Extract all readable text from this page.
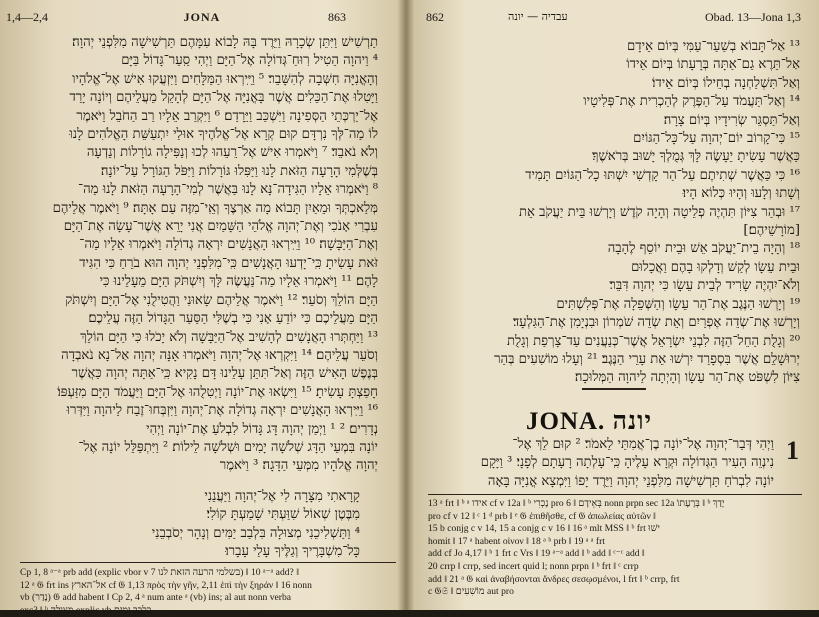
1,4—2,4	JONA	863
תַרְשִׁישׁ וַיִּתֵּן שְׂכָרָהּ וַיֵּרֶד בָּהּ לָבוֹא עִמָּהֶם תַּרְשִׁישָׁה מִלִּפְנֵי יְהוָה׃
⁴ וַיהוָה הֵטִיל רֽוּחַ־גְּדוֹלָה אֶל־הַיָּם וַיְהִי סַֽעַר־גָּדוֹל בַּיָּם
וְהָאֳנִיָּה חִשְּׁבָה לְהִשָּׁבֵר׃ ⁵ וַיִּֽירְאוּ הַמַּלָּחִים וַיִּזְעֲקוּ אִישׁ אֶל־אֱלֹהָיו
וַיָּטִלוּ אֶת־הַכֵּלִים אֲשֶׁר בָּאֳנִיָּה אֶל־הַיָּם לְהָקֵל מֵעֲלֵיהֶם וְיוֹנָה יָרַד
אֶל־יַרְכְּתֵי הַסְּפִינָה וַיִּשְׁכַּב וַיֵּרָדַם׃ ⁶ וַיִּקְרַב אֵלָיו רַב הַחֹבֵל וַיֹּאמֶר
לוֹ מַה־לְּךָ נִרְדָּם קוּם קְרָא אֶל־אֱלֹהֶיךָ אוּלַי יִתְעַשֵּׁת הָאֱלֹהִים לָנוּ
וְלֹא נֹאבֵד׃ ⁷ וַיֹּאמְרוּ אִישׁ אֶל־רֵעֵהוּ לְכוּ וְנַפִּילָה גוֹרָלוֹת וְנֵדְעָה
בְּשֶׁלְּמִי הָרָעָה הַזֹּאת לָנוּ וַיַּפִּלוּ גּוֹרָלוֹת וַיִּפֹּל הַגּוֹרָל עַל־יוֹנָה׃
⁸ וַיֹּאמְרוּ אֵלָיו הַגִּידָה־נָּא לָנוּ בַּאֲשֶׁר לְמִי־הָרָעָה הַזֹּאת לָנוּ מַה־
מְּלַאכְתְּךָ וּמֵאַיִן תָּבוֹא מָה אַרְצֶךָ וְאֵֽי־מִזֶּה עַם אָתָּה׃ ⁹ וַיֹּאמֶר אֲלֵיהֶם
עִבְרִי אָנֹכִי וְאֶת־יְהוָה אֱלֹהֵי הַשָּׁמַיִם אֲנִי יָרֵא אֲשֶׁר־עָשָׂה אֶת־הַיָּם
וְאֶת־הַיַּבָּשָׁה׃ ¹⁰ וַיִּֽירְאוּ הָאֲנָשִׁים יִרְאָה גְדוֹלָה וַיֹּאמְרוּ אֵלָיו מַה־
זֹּאת עָשִׂיתָ כִּֽי־יָדְעוּ הָאֲנָשִׁים כִּֽי־מִלִּפְנֵי יְהוָה הוּא בֹרֵחַ כִּי הִגִּיד
לָהֶם׃ ¹¹ וַיֹּאמְרוּ אֵלָיו מַה־נַּעֲשֶׂה לָּךְ וְיִשְׁתֹּק הַיָּם מֵעָלֵינוּ כִּי
הַיָּם הוֹלֵךְ וְסֹעֵר׃ ¹² וַיֹּאמֶר אֲלֵיהֶם שָׂאוּנִי וַהֲטִילֻנִי אֶל־הַיָּם וְיִשְׁתֹּק
הַיָּם מֵעֲלֵיכֶם כִּי יוֹדֵעַ אָנִי כִּי בְשֶׁלִּי הַסַּעַר הַגָּדוֹל הַזֶּה עֲלֵיכֶם׃
¹³ וַיַּחְתְּרוּ הָאֲנָשִׁים לְהָשִׁיב אֶל־הַיַּבָּשָׁה וְלֹא יָכֹלוּ כִּי הַיָּם הוֹלֵךְ
וְסֹעֵר עֲלֵיהֶם׃ ¹⁴ וַיִּקְרְאוּ אֶל־יְהוָה וַיֹּאמְרוּ אָנָּה יְהוָה אַל־נָא נֹאבְדָה
בְּנֶפֶשׁ הָאִישׁ הַזֶּה וְאַל־תִּתֵּן עָלֵינוּ דָּם נָקִיא כִּֽי־אַתָּה יְהוָה כַּאֲשֶׁר
חָפַצְתָּ עָשִׂיתָ׃ ¹⁵ וַיִּשְׂאוּ אֶת־יוֹנָה וַיְטִלֻהוּ אֶל־הַיָּם וַיַּעֲמֹד הַיָּם מִזַּעְפּוֹ׃
¹⁶ וַיִּֽירְאוּ הָאֲנָשִׁים יִרְאָה גְדוֹלָה אֶת־יְהוָה וַיִּזְבְּחוּ־זֶבַח לַיהוָה וַיִּדְּרוּ
נְדָרִים׃ ² ¹ וַיְמַן יְהוָה דָּג גָּדוֹל לִבְלֹעַ אֶת־יוֹנָה וַיְהִי
יוֹנָה בִּמְעֵי הַדָּג שְׁלֹשָׁה יָמִים וּשְׁלֹשָׁה לֵילוֹת׃ ² וַיִּתְפַּלֵּל יוֹנָה אֶל־
יְהוָה אֱלֹהָיו מִמְּעֵי הַדָּגָה׃ ³ וַיֹּאמֶר
קָרָאתִי מִצָּרָה לִי אֶל־יְהוָה וַיַּעֲנֵנִי
מִבֶּטֶן שְׁאוֹל שִׁוַּעְתִּי שָׁמַעְתָּ קוֹלִי׃
⁴ וַתַּשְׁלִיכֵנִי מְצוּלָה בִּלְבַב יַמִּים וְנָהָר יְסֹבְבֵנִי
כָּל־מִשְׁבָּרֶיךָ וְגַלֶּיךָ עָלַי עָבָרוּ׃
Cp 1, 8 ᵃ⁻ᵃ prb add (explic vbor v 7 בשלמי הרעה הזאת לנו) ‖ 10 ᵃ⁻ᵃ add? ‖
12 ᵃ 𝔊 frt ins אל־הארץ cf 𝔊 1,13 πρὸς τὴν γῆν, 2,11 ἐπὶ τὴν ξηράν ‖ 16 nonn
vb (נָדַר) 𝔊 add habent ‖ Cp 2, 4 ᵃ num ante ᵃ (vb) ins; al aut nonn verba
exc? ‖ ᵇ מצולה explic vb בלבב ימים
862	עבדיה — יונה	Obad. 13—Jona 1,3
¹³ אַל־תָּבוֹא בְשַׁעַר־עַמִּי בְּיוֹם אֵידָם
אַל־תֵּרֶא גַם־אַתָּה בְּרָעָתוֹ בְּיוֹם אֵידוֹ
וְאַל־תִּשְׁלַחְנָה בְחֵילוֹ בְּיוֹם אֵידוֹ׃
¹⁴ וְאַל־תַּעֲמֹד עַל־הַפֶּרֶק לְהַכְרִית אֶת־פְּלִיטָיו
וְאַל־תַּסְגֵּר שְׂרִידָיו בְּיוֹם צָרָה׃
¹⁵ כִּי־קָרוֹב יוֹם־יְהוָה עַל־כָּל־הַגּוֹיִם
כַּאֲשֶׁר עָשִׂיתָ יֵעָשֶׂה לָּךְ גְּמֻלְךָ יָשׁוּב בְּרֹאשֶׁךָ׃
¹⁶ כִּי כַּאֲשֶׁר שְׁתִיתֶם עַל־הַר קָדְשִׁי יִשְׁתּוּ כָל־הַגּוֹיִם תָּמִיד
וְשָׁתוּ וְלָעוּ וְהָיוּ כְּלוֹא הָיוּ׃
¹⁷ וּבְהַר צִיּוֹן תִּהְיֶה פְלֵיטָה וְהָיָה קֹדֶשׁ וְיָרְשׁוּ בֵּית יַעֲקֹב אֵת
[מוֹרָשֵׁיהֶם׃]
¹⁸ וְהָיָה בֵית־יַעֲקֹב אֵשׁ וּבֵית יוֹסֵף לֶהָבָה
וּבֵית עֵשָׂו לְקַשׁ וְדָלְקוּ בָהֶם וַאֲכָלוּם
וְלֹא־יִהְיֶה שָׂרִיד לְבֵית עֵשָׂו כִּי יְהוָה דִּבֵּר׃
¹⁹ וְיָרְשׁוּ הַנֶּגֶב אֶת־הַר עֵשָׂו וְהַשְּׁפֵלָה אֶת־פְּלִשְׁתִּים
וְיָרְשׁוּ אֶת־שְׂדֵה אֶפְרַיִם וְאֵת שְׂדֵה שֹׁמְרוֹן וּבִנְיָמִן אֶת־הַגִּלְעָד׃
²⁰ וְגָלֻת הַחֵל־הַזֶּה לִבְנֵי יִשְׂרָאֵל אֲשֶׁר־כְּנַעֲנִים עַד־צָרְפַת וְגָלֻת
יְרוּשָׁלִַם אֲשֶׁר בִּסְפָרַד יִרְשׁוּ אֵת עָרֵי הַנֶּגֶב׃ ²¹ וְעָלוּ מוֹשִׁעִים בְּהַר
צִיּוֹן לִשְׁפֹּט אֶת־הַר עֵשָׂו וְהָיְתָה לַיהוָה הַמְּלוּכָה׃
JONA. יונה
1
וַיְהִי דְּבַר־יְהוָה אֶל־יוֹנָה בֶן־אֲמִתַּי לֵאמֹר׃ ² קוּם לֵךְ אֶל־
נִינְוֵה הָעִיר הַגְּדוֹלָה וּקְרָא עָלֶיהָ כִּֽי־עָלְתָה רָעָתָם לְפָנָי׃ ³ וַיָּקָם
יוֹנָה לִבְרֹחַ תַּרְשִׁישָׁה מִלִּפְנֵי יְהוָה וַיֵּרֶד יָפוֹ וַיִּמְצָא אֳנִיָּה בָּאָה
13 ᵃ frt ‖ ᵇ ᵃ אידו cf v 12a ‖ ᵇ נָכְרִי pro בְּאֵידָם ‖ 6 nonn prpn sec 12a בְּרָעָתוֹ ‖ ᵇ יָדַךְ
pro cf v 12 ‖ ᶜ 1 ᵈ prb ‖ ᵉ 𝔊 ἐπιθῆσθε, cf 𝔊 ἀπωλείας αὐτῶν ‖
15 b conjg c v 14, 15 a conjg c v 16 ‖ 16 ᵃ mlt MSS ‖ ᵇ frt ישׁוּ
homit ‖ 17 ᵃ habent οἰνον ‖ 18 ᵃ ᵇ prb ‖ 19 ᵃ ᵃ frt
add cf Jo 4,17 ‖ ᵇ 1 frt c Vrs ‖ 19 ᵃ⁻ᵃ add ‖ ᵇ add ‖ ᶜ⁻ᶜ add ‖
20 crrp ‖ crrp, sed incert quid l; nonn prpn ‖ ᵇ frt ‖ ᶜ crrp
add ‖ 21 ᵃ 𝔊 καὶ ἀναβήσονται ἄνδρες σεσῳσμένοι, l frt ‖ ᵇ crrp, frt
c 𝔊𝔖 ‖ מוֹשִׁעִים aut pro
